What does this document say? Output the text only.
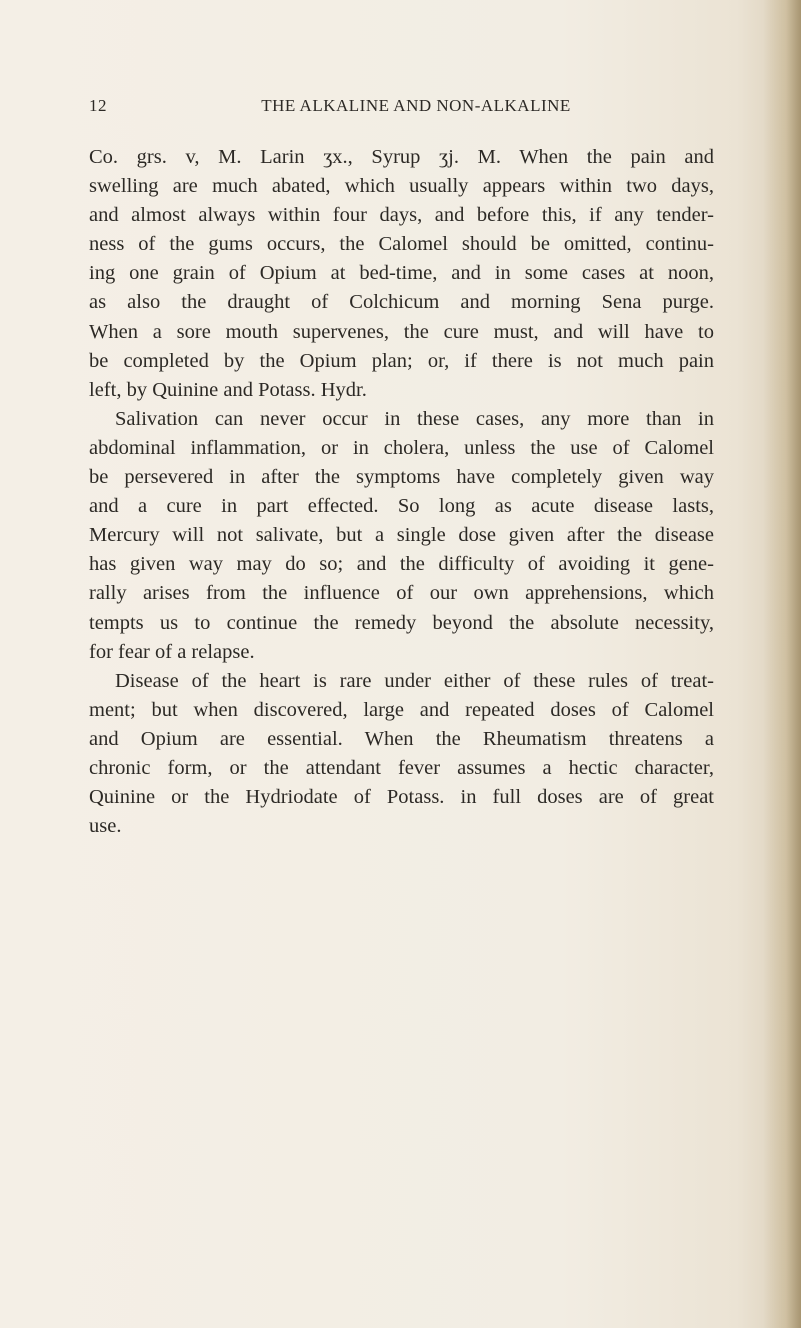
12	THE ALKALINE AND NON-ALKALINE
Co. grs. v, M. Larin ʒx., Syrup ʒj. M. When the pain and
swelling are much abated, which usually appears within two days,
and almost always within four days, and before this, if any tender-
ness of the gums occurs, the Calomel should be omitted, continu-
ing one grain of Opium at bed-time, and in some cases at noon,
as also the draught of Colchicum and morning Sena purge.
When a sore mouth supervenes, the cure must, and will have to
be completed by the Opium plan; or, if there is not much pain
left, by Quinine and Potass. Hydr.
Salivation can never occur in these cases, any more than in
abdominal inflammation, or in cholera, unless the use of Calomel
be persevered in after the symptoms have completely given way
and a cure in part effected. So long as acute disease lasts,
Mercury will not salivate, but a single dose given after the disease
has given way may do so; and the difficulty of avoiding it gene-
rally arises from the influence of our own apprehensions, which
tempts us to continue the remedy beyond the absolute necessity,
for fear of a relapse.
Disease of the heart is rare under either of these rules of treat-
ment; but when discovered, large and repeated doses of Calomel
and Opium are essential. When the Rheumatism threatens a
chronic form, or the attendant fever assumes a hectic character,
Quinine or the Hydriodate of Potass. in full doses are of great
use.
